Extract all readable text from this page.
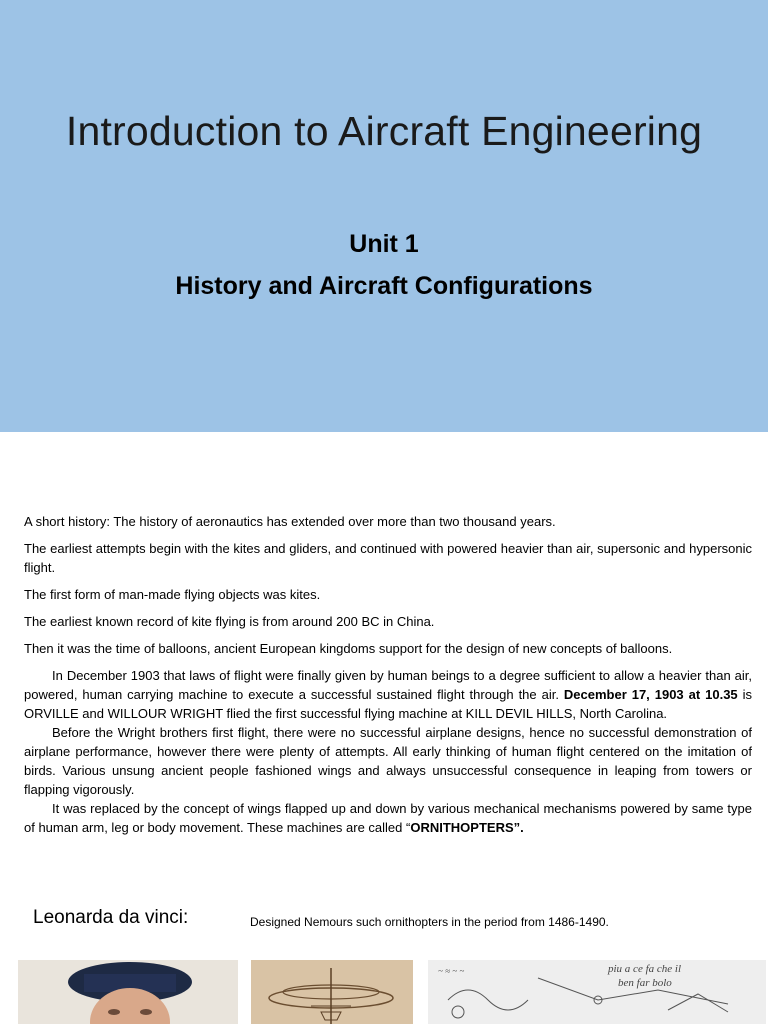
Introduction to Aircraft Engineering
Unit 1
History and Aircraft Configurations

A short history: The history of aeronautics has extended over more than two thousand years.

The earliest attempts begin with the kites and gliders, and continued with powered heavier than air, supersonic and hypersonic flight.

The first form of man-made flying objects was kites.

The earliest known record of kite flying is from around 200 BC in China.

Then it was the time of balloons, ancient European kingdoms support for the design of new concepts of balloons.

In December 1903 that laws of flight were finally given by human beings to a degree sufficient to allow a heavier than air, powered, human carrying machine to execute a successful sustained flight through the air. December 17, 1903 at 10.35 is ORVILLE and WILLOUR WRIGHT flied the first successful flying machine at KILL DEVIL HILLS, North Carolina.

Before the Wright brothers first flight, there were no successful airplane designs, hence no successful demonstration of airplane performance, however there were plenty of attempts. All early thinking of human flight centered on the imitation of birds. Various unsung ancient people fashioned wings and always unsuccessful consequence in leaping from towers or flapping vigorously.

It was replaced by the concept of wings flapped up and down by various mechanical mechanisms powered by same type of human arm, leg or body movement. These machines are called “ORNITHOPTERS”.

Leonarda da vinci:	Designed Nemours such ornithopters in the period from 1486-1490.
~ ≈ ~ ~	piu a ce fa che il
ben far bolo
